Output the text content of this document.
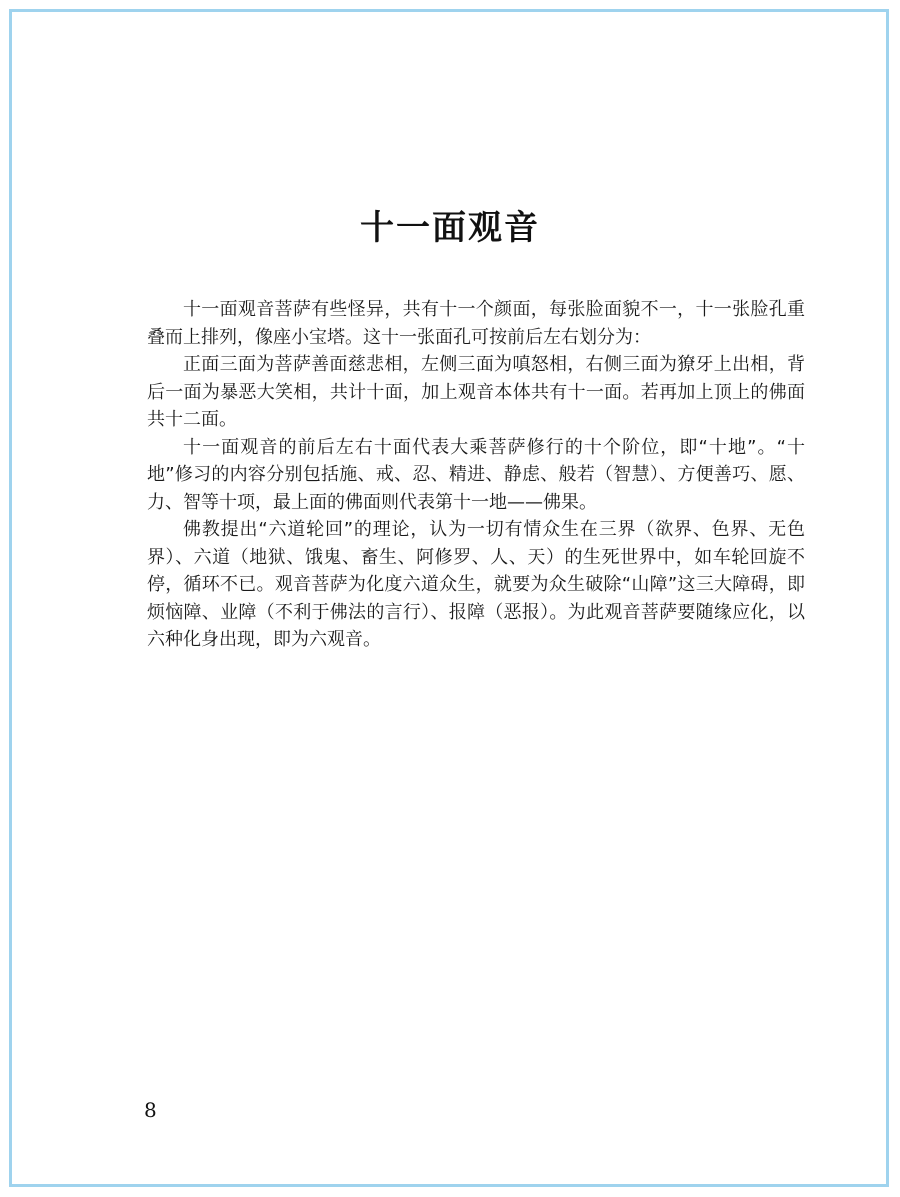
十一面观音

十一面观音菩萨有些怪异，共有十一个颜面，每张脸面貌不一，十一张脸孔重叠而上排列，像座小宝塔。这十一张面孔可按前后左右划分为：

正面三面为菩萨善面慈悲相，左侧三面为嗔怒相，右侧三面为獠牙上出相，背后一面为暴恶大笑相，共计十面，加上观音本体共有十一面。若再加上顶上的佛面共十二面。

十一面观音的前后左右十面代表大乘菩萨修行的十个阶位，即“十地”。“十地”修习的内容分别包括施、戒、忍、精进、静虑、般若（智慧）、方便善巧、愿、力、智等十项，最上面的佛面则代表第十一地——佛果。

佛教提出“六道轮回”的理论，认为一切有情众生在三界（欲界、色界、无色界）、六道（地狱、饿鬼、畜生、阿修罗、人、天）的生死世界中，如车轮回旋不停，循环不已。观音菩萨为化度六道众生，就要为众生破除“山障”这三大障碍，即烦恼障、业障（不利于佛法的言行）、报障（恶报）。为此观音菩萨要随缘应化，以六种化身出现，即为六观音。

8
